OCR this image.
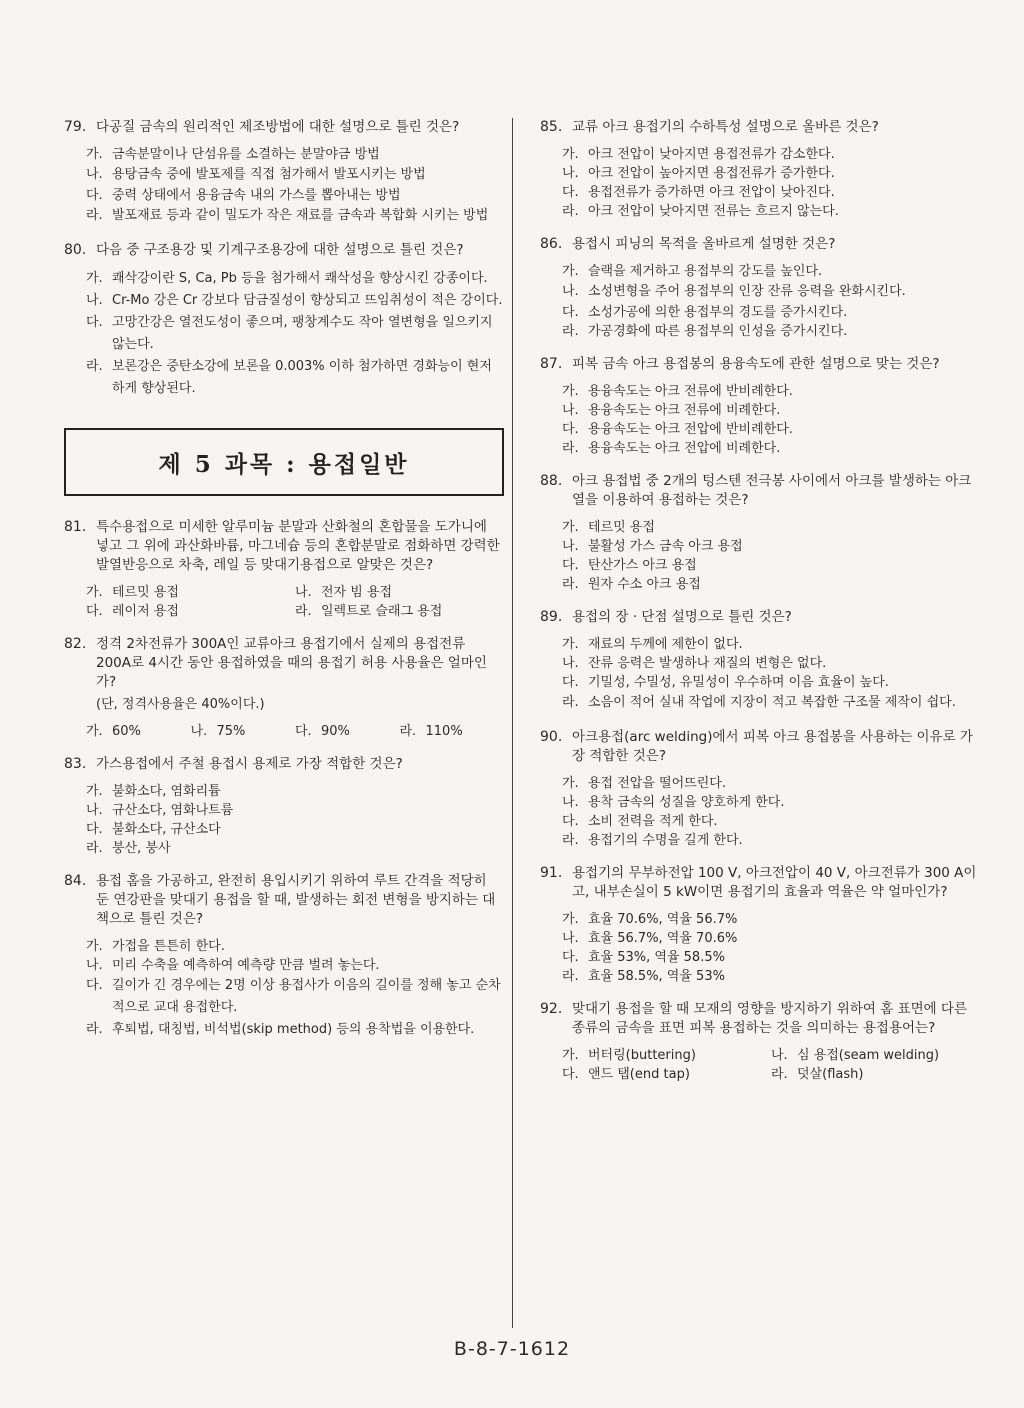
79. 다공질 금속의 원리적인 제조방법에 대한 설명으로 틀린 것은?
가. 금속분말이나 단섬유를 소결하는 분말야금 방법
나. 용탕금속 중에 발포제를 직접 첨가해서 발포시키는 방법
다. 중력 상태에서 용융금속 내의 가스를 뽑아내는 방법
라. 발포재료 등과 같이 밀도가 작은 재료를 금속과 복합화 시키는 방법
80. 다음 중 구조용강 및 기계구조용강에 대한 설명으로 틀린 것은?
가. 쾌삭강이란 S, Ca, Pb 등을 첨가해서 쾌삭성을 향상시킨 강종이다.
나. Cr-Mo 강은 Cr 강보다 담금질성이 향상되고 뜨임취성이 적은 강이다.
다. 고망간강은 열전도성이 좋으며, 팽창계수도 작아 열변형을 일으키지 않는다.
라. 보론강은 중탄소강에 보론을 0.003% 이하 첨가하면 경화능이 현저하게 향상된다.
제 5 과목 : 용접일반
81. 특수용접으로 미세한 알루미늄 분말과 산화철의 혼합물을 도가니에 넣고 그 위에 과산화바륨, 마그네슘 등의 혼합분말로 점화하면 강력한 발열반응으로 차축, 레일 등 맞대기용접으로 알맞은 것은?
가. 테르밋 용접	나. 전자 빔 용접
다. 레이저 용접	라. 일렉트로 슬래그 용접
82. 정격 2차전류가 300A인 교류아크 용접기에서 실제의 용접전류 200A로 4시간 동안 용접하였을 때의 용접기 허용 사용율은 얼마인가?
(단, 정격사용율은 40%이다.)
가. 60%	나. 75%	다. 90%	라. 110%
83. 가스용접에서 주철 용접시 용제로 가장 적합한 것은?
가. 불화소다, 염화리튬
나. 규산소다, 염화나트륨
다. 불화소다, 규산소다
라. 붕산, 붕사
84. 용접 홈을 가공하고, 완전히 용입시키기 위하여 루트 간격을 적당히 둔 연강판을 맞대기 용접을 할 때, 발생하는 회전 변형을 방지하는 대책으로 틀린 것은?
가. 가접을 튼튼히 한다.
나. 미리 수축을 예측하여 예측량 만큼 벌려 놓는다.
다. 길이가 긴 경우에는 2명 이상 용접사가 이음의 길이를 정해 놓고 순차적으로 교대 용접한다.
라. 후퇴법, 대칭법, 비석법(skip method) 등의 용착법을 이용한다.
85. 교류 아크 용접기의 수하특성 설명으로 올바른 것은?
가. 아크 전압이 낮아지면 용접전류가 감소한다.
나. 아크 전압이 높아지면 용접전류가 증가한다.
다. 용접전류가 증가하면 아크 전압이 낮아진다.
라. 아크 전압이 낮아지면 전류는 흐르지 않는다.
86. 용접시 피닝의 목적을 올바르게 설명한 것은?
가. 슬랙을 제거하고 용접부의 강도를 높인다.
나. 소성변형을 주어 용접부의 인장 잔류 응력을 완화시킨다.
다. 소성가공에 의한 용접부의 경도를 증가시킨다.
라. 가공경화에 따른 용접부의 인성을 증가시킨다.
87. 피복 금속 아크 용접봉의 용융속도에 관한 설명으로 맞는 것은?
가. 용융속도는 아크 전류에 반비례한다.
나. 용융속도는 아크 전류에 비례한다.
다. 용융속도는 아크 전압에 반비례한다.
라. 용융속도는 아크 전압에 비례한다.
88. 아크 용접법 중 2개의 텅스텐 전극봉 사이에서 아크를 발생하는 아크열을 이용하여 용접하는 것은?
가. 테르밋 용접
나. 불활성 가스 금속 아크 용접
다. 탄산가스 아크 용접
라. 원자 수소 아크 용접
89. 용접의 장 · 단점 설명으로 틀린 것은?
가. 재료의 두께에 제한이 없다.
나. 잔류 응력은 발생하나 재질의 변형은 없다.
다. 기밀성, 수밀성, 유밀성이 우수하며 이음 효율이 높다.
라. 소음이 적어 실내 작업에 지장이 적고 복잡한 구조물 제작이 쉽다.
90. 아크용접(arc welding)에서 피복 아크 용접봉을 사용하는 이유로 가장 적합한 것은?
가. 용접 전압을 떨어뜨린다.
나. 용착 금속의 성질을 양호하게 한다.
다. 소비 전력을 적게 한다.
라. 용접기의 수명을 길게 한다.
91. 용접기의 무부하전압 100 V, 아크전압이 40 V, 아크전류가 300 A이고, 내부손실이 5 kW이면 용접기의 효율과 역율은 약 얼마인가?
가. 효율 70.6%, 역율 56.7%
나. 효율 56.7%, 역율 70.6%
다. 효율 53%, 역율 58.5%
라. 효율 58.5%, 역율 53%
92. 맞대기 용접을 할 때 모재의 영향을 방지하기 위하여 홈 표면에 다른 종류의 금속을 표면 피복 용접하는 것을 의미하는 용접용어는?
가. 버터링(buttering)	나. 심 용접(seam welding)
다. 앤드 탭(end tap)	라. 덧살(flash)
B-8-7-1612
